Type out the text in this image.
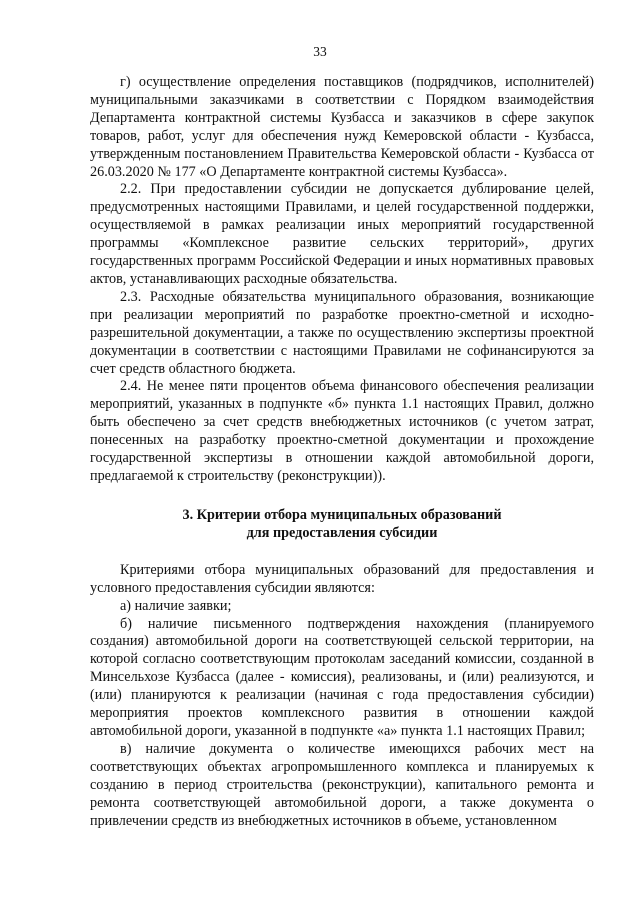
33

г) осуществление определения поставщиков (подрядчиков, исполнителей) муниципальными заказчиками в соответствии с Порядком взаимодействия Департамента контрактной системы Кузбасса и заказчиков в сфере закупок товаров, работ, услуг для обеспечения нужд Кемеровской области - Кузбасса, утвержденным постановлением Правительства Кемеровской области - Кузбасса от 26.03.2020 № 177 «О Департаменте контрактной системы Кузбасса».

2.2. При предоставлении субсидии не допускается дублирование целей, предусмотренных настоящими Правилами, и целей государственной поддержки, осуществляемой в рамках реализации иных мероприятий государственной программы «Комплексное развитие сельских территорий», других государственных программ Российской Федерации и иных нормативных правовых актов, устанавливающих расходные обязательства.

2.3. Расходные обязательства муниципального образования, возникающие при реализации мероприятий по разработке проектно-сметной и исходно-разрешительной документации, а также по осуществлению экспертизы проектной документации в соответствии с настоящими Правилами не софинансируются за счет средств областного бюджета.

2.4. Не менее пяти процентов объема финансового обеспечения реализации мероприятий, указанных в подпункте «б» пункта 1.1 настоящих Правил, должно быть обеспечено за счет средств внебюджетных источников (с учетом затрат, понесенных на разработку проектно-сметной документации и прохождение государственной экспертизы в отношении каждой автомобильной дороги, предлагаемой к строительству (реконструкции)).

3. Критерии отбора муниципальных образований
для предоставления субсидии

Критериями отбора муниципальных образований для предоставления и условного предоставления субсидии являются:

а) наличие заявки;

б) наличие письменного подтверждения нахождения (планируемого создания) автомобильной дороги на соответствующей сельской территории, на которой согласно соответствующим протоколам заседаний комиссии, созданной в Минсельхозе Кузбасса (далее - комиссия), реализованы, и (или) реализуются, и (или) планируются к реализации (начиная с года предоставления субсидии) мероприятия проектов комплексного развития в отношении каждой автомобильной дороги, указанной в подпункте «а» пункта 1.1 настоящих Правил;

в) наличие документа о количестве имеющихся рабочих мест на соответствующих объектах агропромышленного комплекса и планируемых к созданию в период строительства (реконструкции), капитального ремонта и ремонта соответствующей автомобильной дороги, а также документа о привлечении средств из внебюджетных источников в объеме, установленном
